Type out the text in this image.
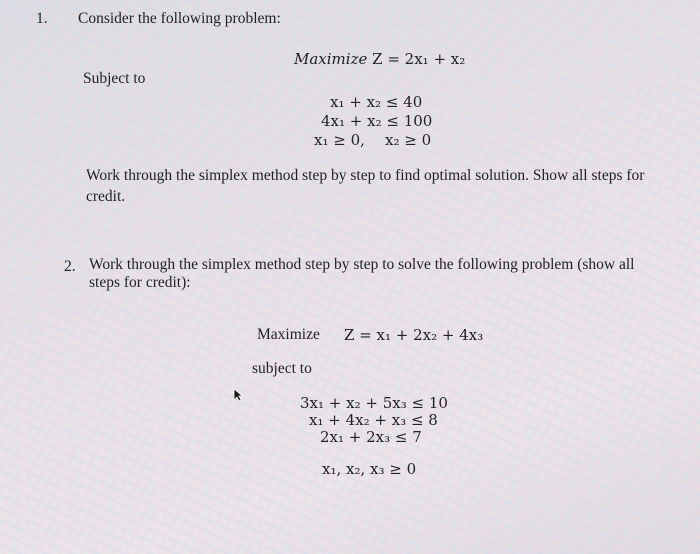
1. Consider the following problem:
Maximize Z = 2x₁ + x₂
Subject to
x₁ + x₂ ≤ 40
4x₁ + x₂ ≤ 100
x₁ ≥ 0, x₂ ≥ 0
Work through the simplex method step by step to find optimal solution. Show all steps for
credit.
2. Work through the simplex method step by step to solve the following problem (show all
steps for credit):
Maximize Z = x₁ + 2x₂ + 4x₃
subject to
3x₁ + x₂ + 5x₃ ≤ 10
x₁ + 4x₂ + x₃ ≤ 8
2x₁ + 2x₃ ≤ 7
x₁, x₂, x₃ ≥ 0
